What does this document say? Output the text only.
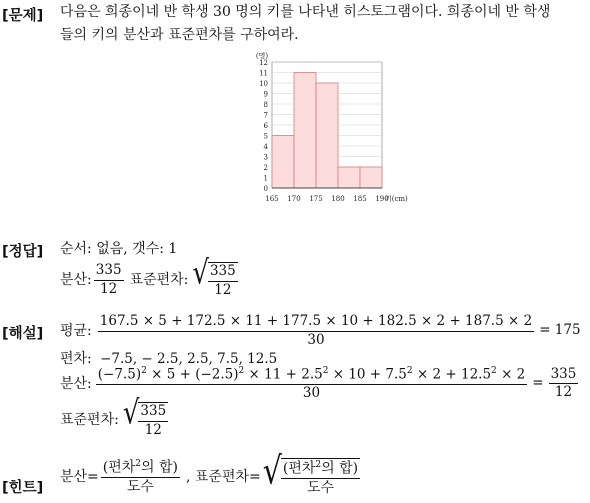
[문제] 다음은 희종이네 반 학생 30 명의 키를 나타낸 히스토그램이다. 희종이네 반 학생
들의 키의 분산과 표준편차를 구하여라.
0
1
2
3
4
5
6
7
8
9
10
11
12
165 170 175 180 185 190
(명)
키(cm)
[정답] 순서: 없음, 갯수: 1
분산: $\frac{335}{12}$ 표준편차: √ $\frac{335}{12}$
[해설] 평균: $\frac{167.5 \times 5 + 172.5 \times 11 + 177.5 \times 10 + 182.5 \times 2 + 187.5 \times 2}{30} = 175$
편차: −7.5, − 2.5, 2.5, 7.5, 12.5
분산:
$(-7.5)^2 \times 5 + (-2.5)^2 \times 11 + 2.5^2 \times 10 + 7.5^2 \times 2 + 12.5^2 \times 2$
30
= $\frac{335}{12}$
표준편차: √ $\frac{335}{12}$
[힌트]
분산= $\frac{(편차^2의 합)}{\text{도수}}$ , 표준편차= √ $\frac{(편차^2의 합)}{\text{도수}}$
